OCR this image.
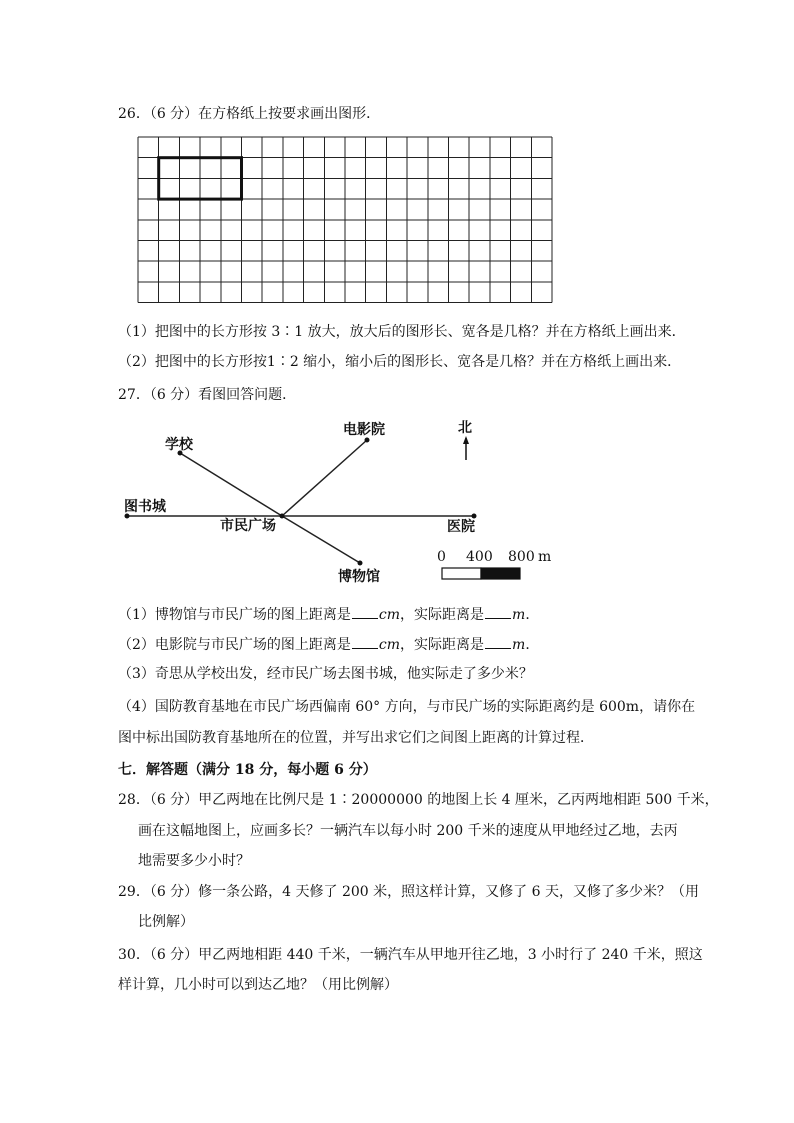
26．（6 分）在方格纸上按要求画出图形．
（1）把图中的长方形按 3∶1 放大，放大后的图形长、宽各是几格？并在方格纸上画出来．
（2）把图中的长方形按1∶2 缩小，缩小后的图形长、宽各是几格？并在方格纸上画出来．
27．（6 分）看图回答问题．
学校
电影院
图书城
市民广场	医院
博物馆
北
0 400 800 m
（1）博物馆与市民广场的图上距离是 cm，实际距离是 m．
（2）电影院与市民广场的图上距离是 cm，实际距离是 m．
（3）奇思从学校出发，经市民广场去图书城，他实际走了多少米？
（4）国防教育基地在市民广场西偏南 60° 方向，与市民广场的实际距离约是 600m，请你在
图中标出国防教育基地所在的位置，并写出求它们之间图上距离的计算过程．
七．解答题（满分 18 分，每小题 6 分）
28．（6 分）甲乙两地在比例尺是 1∶20000000 的地图上长 4 厘米，乙丙两地相距 500 千米，
画在这幅地图上，应画多长？一辆汽车以每小时 200 千米的速度从甲地经过乙地，去丙
地需要多少小时？
29．（6 分）修一条公路，4 天修了 200 米，照这样计算，又修了 6 天，又修了多少米？（用
比例解）
30．（6 分）甲乙两地相距 440 千米，一辆汽车从甲地开往乙地，3 小时行了 240 千米，照这
样计算，几小时可以到达乙地？（用比例解）
